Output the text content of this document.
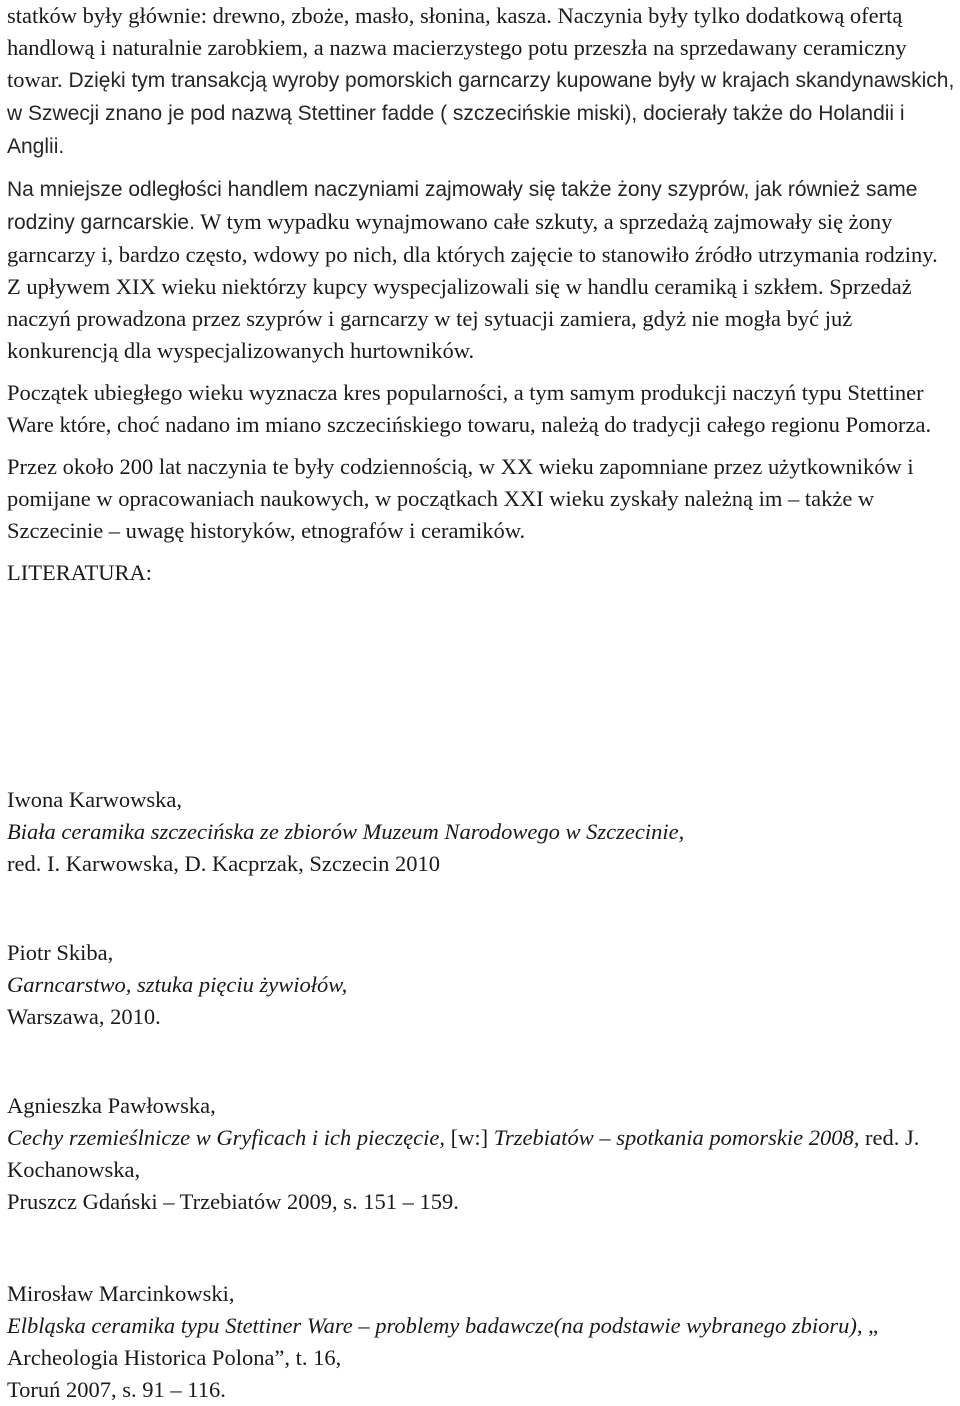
statków były głównie: drewno, zboże, masło, słonina, kasza. Naczynia były tylko dodatkową ofertą handlową i naturalnie zarobkiem, a nazwa macierzystego potu przeszła na sprzedawany ceramiczny towar. Dzięki tym transakcją wyroby pomorskich garncarzy kupowane były w krajach skandynawskich, w Szwecji znano je pod nazwą Stettiner fadde ( szczecińskie miski), docierały także do Holandii i Anglii.

Na mniejsze odległości handlem naczyniami zajmowały się także żony szyprów, jak również same rodziny garncarskie. W tym wypadku wynajmowano całe szkuty, a sprzedażą zajmowały się żony garncarzy i, bardzo często, wdowy po nich, dla których zajęcie to stanowiło źródło utrzymania rodziny. Z upływem XIX wieku niektórzy kupcy wyspecjalizowali się w handlu ceramiką i szkłem. Sprzedaż naczyń prowadzona przez szyprów i garncarzy w tej sytuacji zamiera, gdyż nie mogła być już konkurencją dla wyspecjalizowanych hurtowników.

Początek ubiegłego wieku wyznacza kres popularności, a tym samym produkcji naczyń typu Stettiner Ware które, choć nadano im miano szczecińskiego towaru, należą do tradycji całego regionu Pomorza.

Przez około 200 lat naczynia te były codziennością, w XX wieku zapomniane przez użytkowników i pomijane w opracowaniach naukowych, w początkach XXI wieku zyskały należną im – także w Szczecinie – uwagę historyków, etnografów i ceramików.

LITERATURA:

Iwona Karwowska,
Biała ceramika szczecińska ze zbiorów Muzeum Narodowego w Szczecinie,
red. I. Karwowska, D. Kacprzak, Szczecin 2010
Piotr Skiba,
Garncarstwo, sztuka pięciu żywiołów,
Warszawa, 2010.
Agnieszka Pawłowska,
Cechy rzemieślnicze w Gryficach i ich pieczęcie, [w:] Trzebiatów – spotkania pomorskie 2008, red. J. Kochanowska,
Pruszcz Gdański – Trzebiatów 2009, s. 151 – 159.
Mirosław Marcinkowski,
Elbląska ceramika typu Stettiner Ware – problemy badawcze(na podstawie wybranego zbioru), „ Archeologia Historica Polona”, t. 16,
Toruń 2007, s. 91 – 116.
